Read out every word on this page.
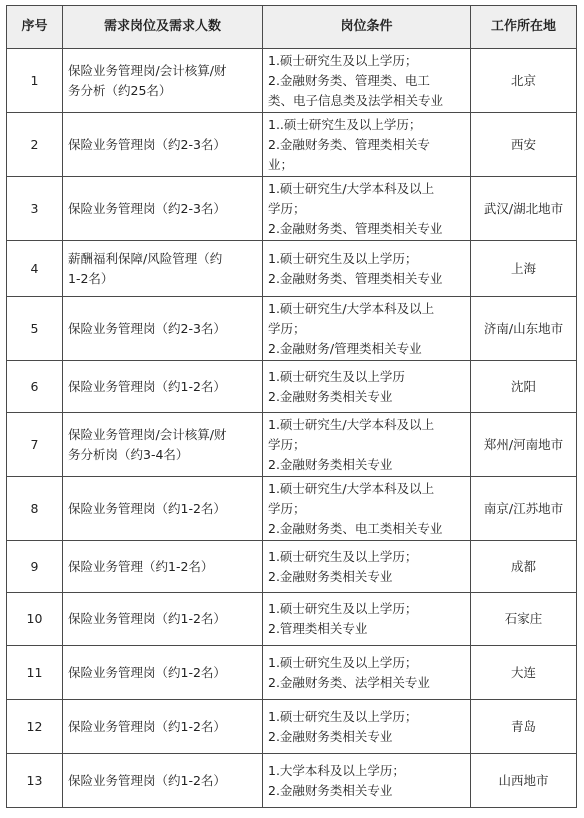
序号	需求岗位及需求人数	岗位条件	工作所在地
1	保险业务管理岗/会计核算/财
务分析（约25名）	1.硕士研究生及以上学历；
2.金融财务类、管理类、电工
类、电子信息类及法学相关专业	北京
2	保险业务管理岗（约2-3名）	1..硕士研究生及以上学历；
2.金融财务类、管理类相关专
业；	西安
3	保险业务管理岗（约2-3名）	1.硕士研究生/大学本科及以上
学历；
2.金融财务类、管理类相关专业	武汉/湖北地市
4	薪酬福利保障/风险管理（约
1-2名）	1.硕士研究生及以上学历；
2.金融财务类、管理类相关专业	上海
5	保险业务管理岗（约2-3名）	1.硕士研究生/大学本科及以上
学历；
2.金融财务/管理类相关专业	济南/山东地市
6	保险业务管理岗（约1-2名）	1.硕士研究生及以上学历
2.金融财务类相关专业	沈阳
7	保险业务管理岗/会计核算/财
务分析岗（约3-4名）	1.硕士研究生/大学本科及以上
学历；
2.金融财务类相关专业	郑州/河南地市
8	保险业务管理岗（约1-2名）	1.硕士研究生/大学本科及以上
学历；
2.金融财务类、电工类相关专业	南京/江苏地市
9	保险业务管理（约1-2名）	1.硕士研究生及以上学历；
2.金融财务类相关专业	成都
10	保险业务管理岗（约1-2名）	1.硕士研究生及以上学历；
2.管理类相关专业	石家庄
11	保险业务管理岗（约1-2名）	1.硕士研究生及以上学历；
2.金融财务类、法学相关专业	大连
12	保险业务管理岗（约1-2名）	1.硕士研究生及以上学历；
2.金融财务类相关专业	青岛
13	保险业务管理岗（约1-2名）	1.大学本科及以上学历；
2.金融财务类相关专业	山西地市
